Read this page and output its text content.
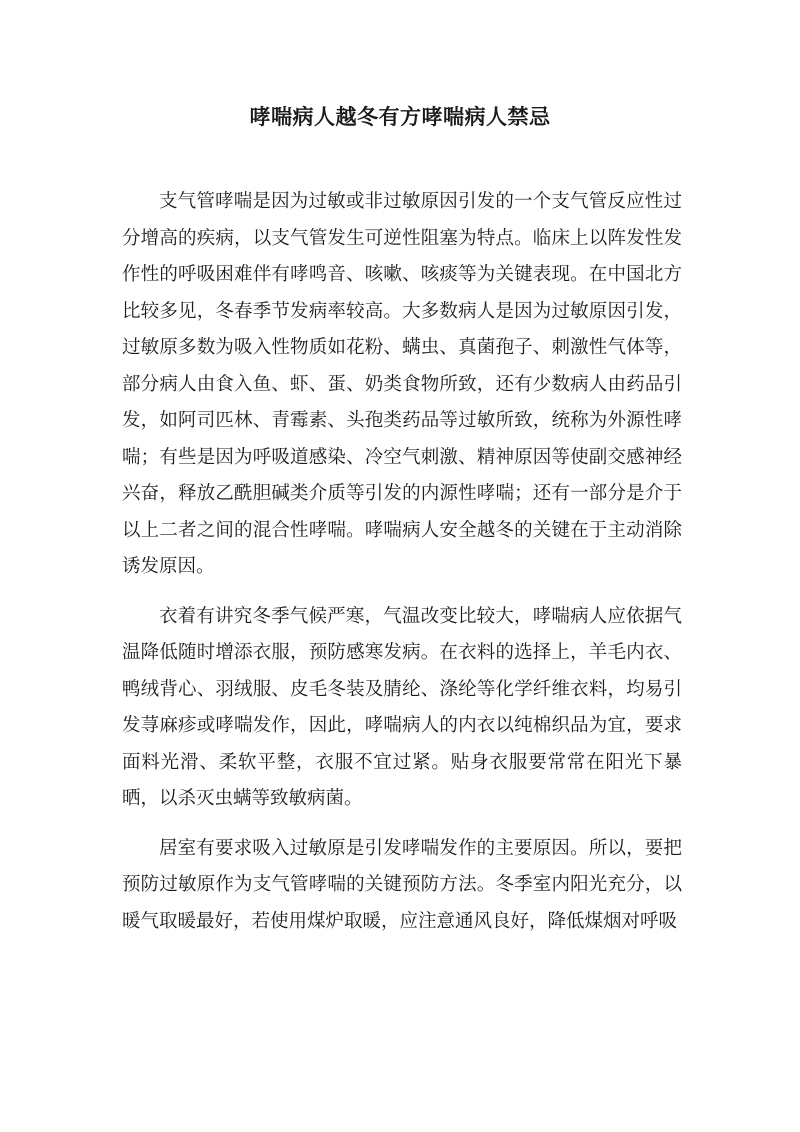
哮喘病人越冬有方哮喘病人禁忌

支气管哮喘是因为过敏或非过敏原因引发的一个支气管反应性过分增高的疾病，以支气管发生可逆性阻塞为特点。临床上以阵发性发作性的呼吸困难伴有哮鸣音、咳嗽、咳痰等为关键表现。在中国北方比较多见，冬春季节发病率较高。大多数病人是因为过敏原因引发，过敏原多数为吸入性物质如花粉、螨虫、真菌孢子、刺激性气体等，部分病人由食入鱼、虾、蛋、奶类食物所致，还有少数病人由药品引发，如阿司匹林、青霉素、头孢类药品等过敏所致，统称为外源性哮喘；有些是因为呼吸道感染、冷空气刺激、精神原因等使副交感神经兴奋，释放乙酰胆碱类介质等引发的内源性哮喘；还有一部分是介于以上二者之间的混合性哮喘。哮喘病人安全越冬的关键在于主动消除诱发原因。

衣着有讲究冬季气候严寒，气温改变比较大，哮喘病人应依据气温降低随时增添衣服，预防感寒发病。在衣料的选择上，羊毛内衣、鸭绒背心、羽绒服、皮毛冬装及腈纶、涤纶等化学纤维衣料，均易引发荨麻疹或哮喘发作，因此，哮喘病人的内衣以纯棉织品为宜，要求面料光滑、柔软平整，衣服不宜过紧。贴身衣服要常常在阳光下暴晒，以杀灭虫螨等致敏病菌。

居室有要求吸入过敏原是引发哮喘发作的主要原因。所以，要把预防过敏原作为支气管哮喘的关键预防方法。冬季室内阳光充分，以暖气取暖最好，若使用煤炉取暖，应注意通风良好，降低煤烟对呼吸
